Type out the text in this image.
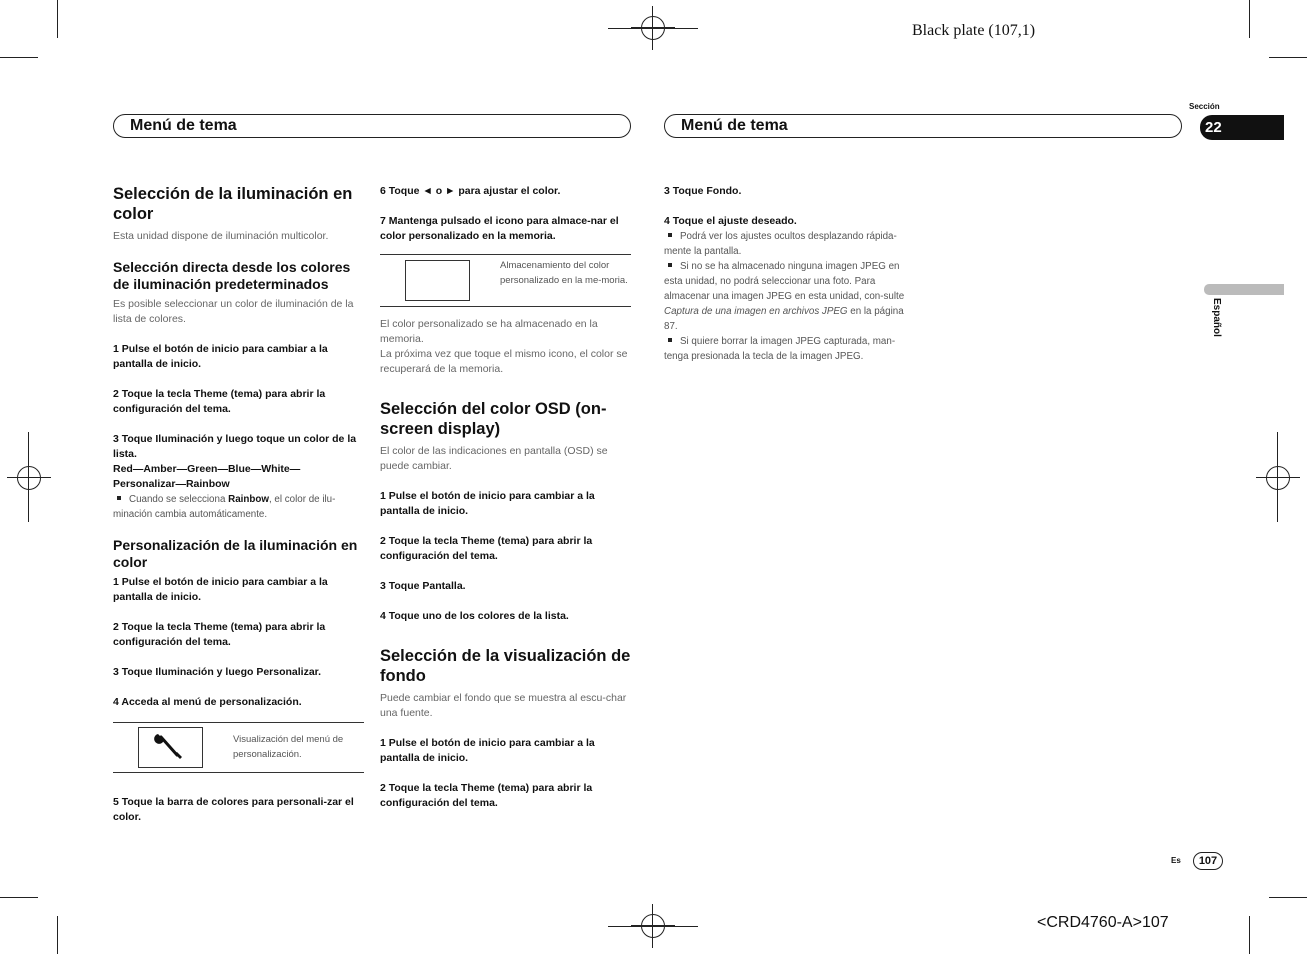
Black plate (107,1)
<CRD4760-A>107
Menú de tema	Menú de tema
Sección
22
Español
Es	107
Selección de la iluminación en color

Esta unidad dispone de iluminación multicolor.

Selección directa desde los colores de iluminación predeterminados

Es posible seleccionar un color de iluminación de la lista de colores.

1 Pulse el botón de inicio para cambiar a la pantalla de inicio.

2 Toque la tecla Theme (tema) para abrir la configuración del tema.

3 Toque Iluminación y luego toque un color de la lista.

Red—Amber—Green—Blue—White—

Personalizar—Rainbow

Cuando se selecciona Rainbow, el color de ilu-minación cambia automáticamente.

Personalización de la iluminación en color

1 Pulse el botón de inicio para cambiar a la pantalla de inicio.

2 Toque la tecla Theme (tema) para abrir la configuración del tema.

3 Toque Iluminación y luego Personalizar.

4 Acceda al menú de personalización.

Visualización del menú de personalización.

5 Toque la barra de colores para personali-zar el color.

6 Toque ◄ o ► para ajustar el color.

7 Mantenga pulsado el icono para almace-nar el color personalizado en la memoria.

Almacenamiento del color personalizado en la me-moria.

El color personalizado se ha almacenado en la memoria.

La próxima vez que toque el mismo icono, el color se recuperará de la memoria.

Selección del color OSD (on-screen display)

El color de las indicaciones en pantalla (OSD) se puede cambiar.

1 Pulse el botón de inicio para cambiar a la pantalla de inicio.

2 Toque la tecla Theme (tema) para abrir la configuración del tema.

3 Toque Pantalla.

4 Toque uno de los colores de la lista.

Selección de la visualización de fondo

Puede cambiar el fondo que se muestra al escu-char una fuente.

1 Pulse el botón de inicio para cambiar a la pantalla de inicio.

2 Toque la tecla Theme (tema) para abrir la configuración del tema.

3 Toque Fondo.

4 Toque el ajuste deseado.

Podrá ver los ajustes ocultos desplazando rápida-mente la pantalla.

Si no se ha almacenado ninguna imagen JPEG en esta unidad, no podrá seleccionar una foto. Para almacenar una imagen JPEG en esta unidad, con-sulte Captura de una imagen en archivos JPEG en la página 87.

Si quiere borrar la imagen JPEG capturada, man-tenga presionada la tecla de la imagen JPEG.
